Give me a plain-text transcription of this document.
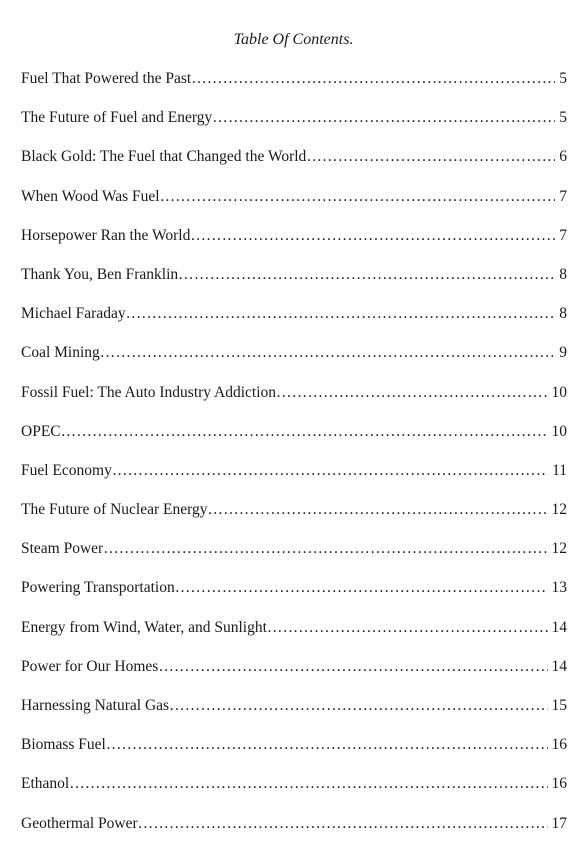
Table Of Contents.
Fuel That Powered the Past ……………………………………………………………………………………………………………………………………………………………………	5
The Future of Fuel and Energy ……………………………………………………………………………………………………………………………………………………………………	5
Black Gold: The Fuel that Changed the World ……………………………………………………………………………………………………………………………………………………………………	6
When Wood Was Fuel ……………………………………………………………………………………………………………………………………………………………………	7
Horsepower Ran the World ……………………………………………………………………………………………………………………………………………………………………	7
Thank You, Ben Franklin ……………………………………………………………………………………………………………………………………………………………………	8
Michael Faraday ……………………………………………………………………………………………………………………………………………………………………	8
Coal Mining ……………………………………………………………………………………………………………………………………………………………………	9
Fossil Fuel: The Auto Industry Addiction ……………………………………………………………………………………………………………………………………………………………………	10
OPEC ……………………………………………………………………………………………………………………………………………………………………	10
Fuel Economy ……………………………………………………………………………………………………………………………………………………………………	11
The Future of Nuclear Energy ……………………………………………………………………………………………………………………………………………………………………	12
Steam Power ……………………………………………………………………………………………………………………………………………………………………	12
Powering Transportation ……………………………………………………………………………………………………………………………………………………………………	13
Energy from Wind, Water, and Sunlight ……………………………………………………………………………………………………………………………………………………………………	14
Power for Our Homes ……………………………………………………………………………………………………………………………………………………………………	14
Harnessing Natural Gas ……………………………………………………………………………………………………………………………………………………………………	15
Biomass Fuel ……………………………………………………………………………………………………………………………………………………………………	16
Ethanol ……………………………………………………………………………………………………………………………………………………………………	16
Geothermal Power ……………………………………………………………………………………………………………………………………………………………………	17
